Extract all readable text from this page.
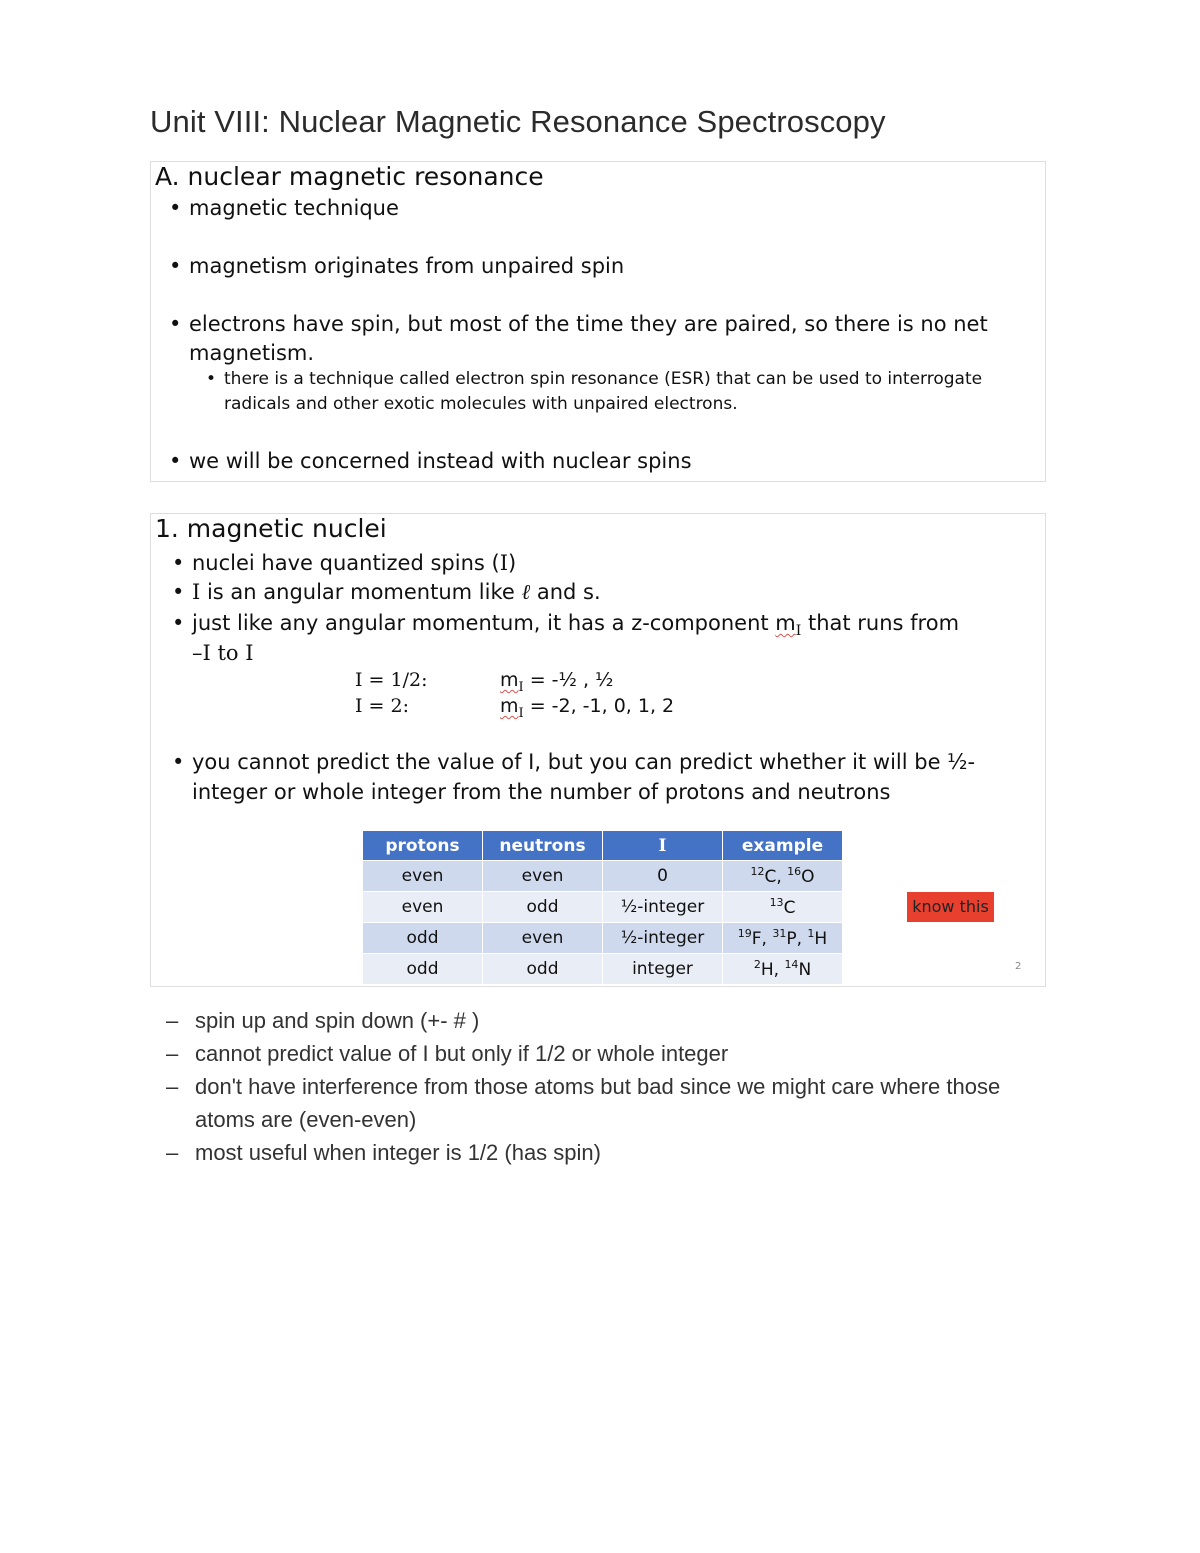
Unit VIII: Nuclear Magnetic Resonance Spectroscopy
A. nuclear magnetic resonance
• magnetic technique
• magnetism originates from unpaired spin
• electrons have spin, but most of the time they are paired, so there is no net
magnetism.
• there is a technique called electron spin resonance (ESR) that can be used to interrogate
radicals and other exotic molecules with unpaired electrons.
• we will be concerned instead with nuclear spins
1. magnetic nuclei
• nuclei have quantized spins (I)
• I is an angular momentum like ℓ and s.
• just like any angular momentum, it has a z-component $m_I$ that runs from
–I to I
I = 1/2:	$m_I$ = -½ , ½
I = 2:	$m_I = -2$, -1, 0, 1, 2
• you cannot predict the value of I, but you can predict whether it will be ½-
integer or whole integer from the number of protons and neutrons
protons	neutrons	I	example
even	even	0	$^{12}$C, $^{16}$O
even	odd	½-integer	$^{13}$C
odd	even	½-integer	$^{19}$F, $^{31}$P, $^1$H
odd	odd	integer	$^2$H, $^{14}$N
know this
2
– spin up and spin down (+- # )
– cannot predict value of I but only if 1/2 or whole integer
– don't have interference from those atoms but bad since we might care where those atoms are (even-even)
– most useful when integer is 1/2 (has spin)
